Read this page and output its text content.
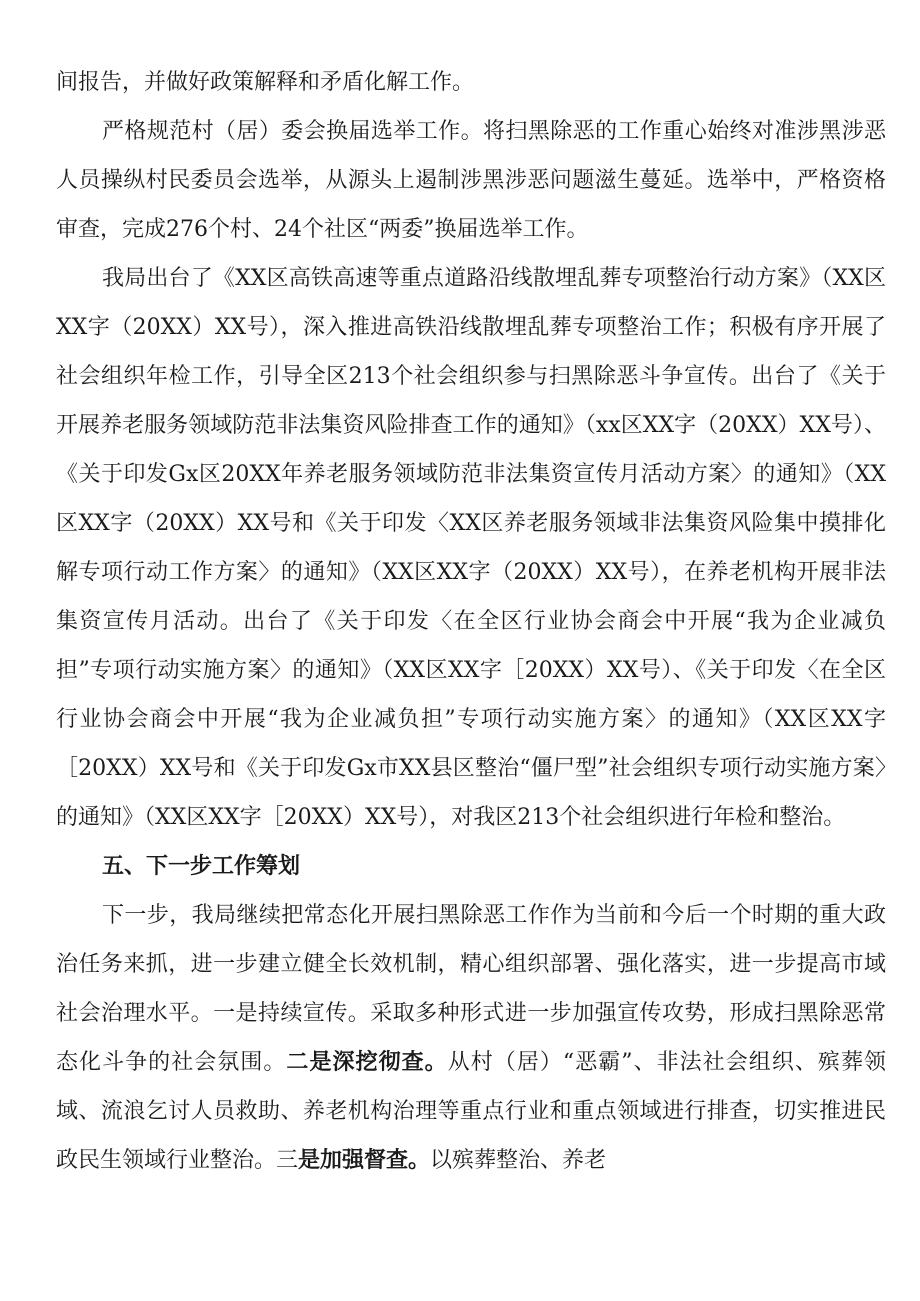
间报告，并做好政策解释和矛盾化解工作。

严格规范村（居）委会换届选举工作。将扫黑除恶的工作重心始终对准涉黑涉恶人员操纵村民委员会选举，从源头上遏制涉黑涉恶问题滋生蔓延。选举中，严格资格审查，完成276个村、24个社区“两委”换届选举工作。

我局出台了《XX区高铁高速等重点道路沿线散埋乱葬专项整治行动方案》（XX区XX字（20XX）XX号），深入推进高铁沿线散埋乱葬专项整治工作；积极有序开展了社会组织年检工作，引导全区213个社会组织参与扫黑除恶斗争宣传。出台了《关于开展养老服务领域防范非法集资风险排查工作的通知》（xx区XX字（20XX）XX号）、《关于印发Gx区20XX年养老服务领域防范非法集资宣传月活动方案〉的通知》（XX区XX字（20XX）XX号和《关于印发〈XX区养老服务领域非法集资风险集中摸排化解专项行动工作方案〉的通知》（XX区XX字（20XX）XX号），在养老机构开展非法集资宣传月活动。出台了《关于印发〈在全区行业协会商会中开展“我为企业减负担”专项行动实施方案〉的通知》（XX区XX字［20XX）XX号）、《关于印发〈在全区行业协会商会中开展“我为企业减负担”专项行动实施方案〉的通知》（XX区XX字［20XX）XX号和《关于印发Gx市XX县区整治“僵尸型”社会组织专项行动实施方案〉的通知》（XX区XX字［20XX）XX号），对我区213个社会组织进行年检和整治。

五、下一步工作筹划

下一步，我局继续把常态化开展扫黑除恶工作作为当前和今后一个时期的重大政治任务来抓，进一步建立健全长效机制，精心组织部署、强化落实，进一步提高市域社会治理水平。一是持续宣传。采取多种形式进一步加强宣传攻势，形成扫黑除恶常态化斗争的社会氛围。二是深挖彻查。从村（居）“恶霸”、非法社会组织、殡葬领域、流浪乞讨人员救助、养老机构治理等重点行业和重点领域进行排查，切实推进民政民生领域行业整治。三是加强督查。以殡葬整治、养老
